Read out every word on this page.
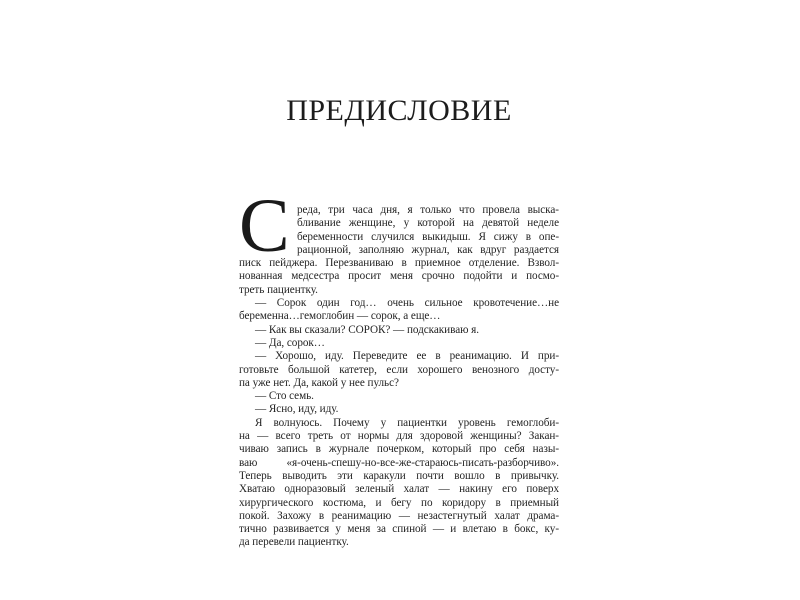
ПРЕДИСЛОВИЕ
С реда, три часа дня, я только что провела выска-
бливание женщине, у которой на девятой неделе
беременности случился выкидыш. Я сижу в опе-
рационной, заполняю журнал, как вдруг раздается
писк пейджера. Перезваниваю в приемное отделение. Взвол-
нованная медсестра просит меня срочно подойти и посмо-
треть пациентку.
— Сорок один год… очень сильное кровотечение…не
беременна…гемоглобин — сорок, а еще…
— Как вы сказали? СОРОК? — подскакиваю я.
— Да, сорок…
— Хорошо, иду. Переведите ее в реанимацию. И при-
готовьте большой катетер, если хорошего венозного досту-
па уже нет. Да, какой у нее пульс?
— Сто семь.
— Ясно, иду, иду.
Я волнуюсь. Почему у пациентки уровень гемоглоби-
на — всего треть от нормы для здоровой женщины? Закан-
чиваю запись в журнале почерком, который про себя назы-
ваю «я-очень-спешу-но-все-же-стараюсь-писать-разборчиво».
Теперь выводить эти каракули почти вошло в привычку.
Хватаю одноразовый зеленый халат — накину его поверх
хирургического костюма, и бегу по коридору в приемный
покой. Захожу в реанимацию — незастегнутый халат драма-
тично развивается у меня за спиной — и влетаю в бокс, ку-
да перевели пациентку.
